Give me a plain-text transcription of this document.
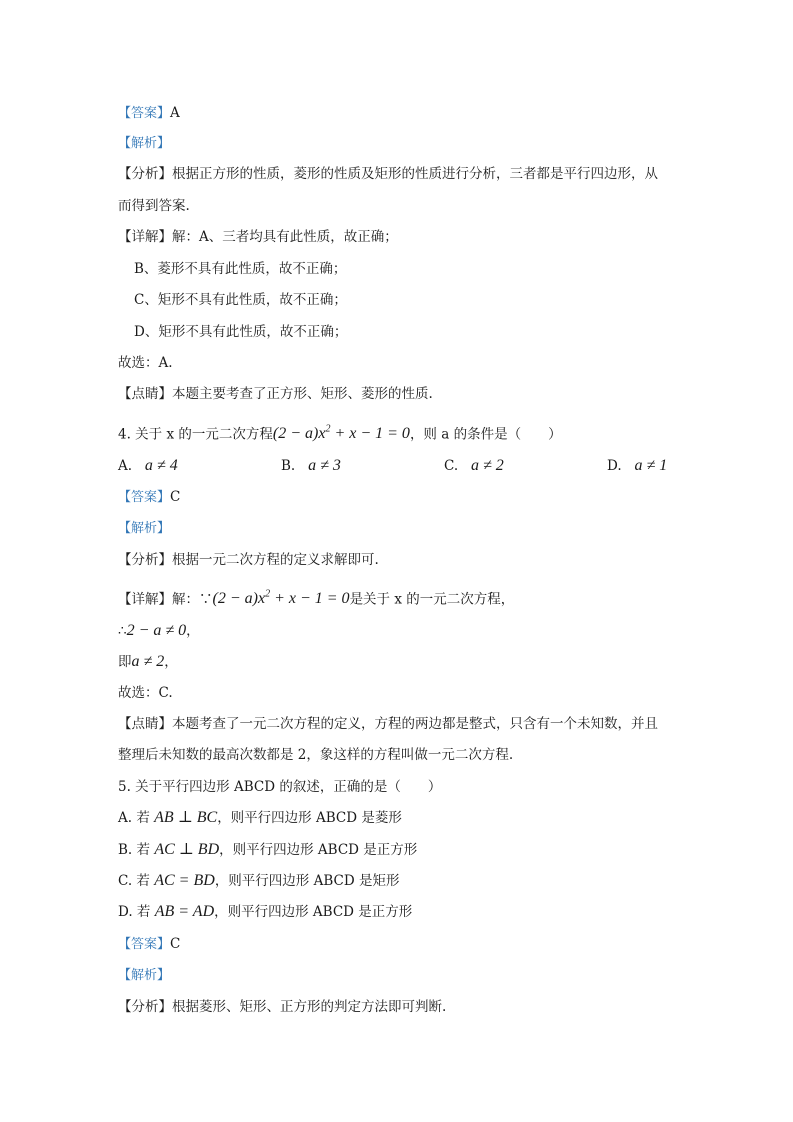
【答案】A
【解析】
【分析】根据正方形的性质，菱形的性质及矩形的性质进行分析，三者都是平行四边形，从
而得到答案.
【详解】解：A、三者均具有此性质，故正确；
B、菱形不具有此性质，故不正确；
C、矩形不具有此性质，故不正确；
D、矩形不具有此性质，故不正确；
故选：A.
【点睛】本题主要考查了正方形、矩形、菱形的性质.
4. 关于 x 的一元二次方程$(2 - a)x^2 + x - 1 = 0$，则 a 的条件是（　　）
A. a ≠ 4	B. a ≠ 3	C. a ≠ 2	D. a ≠ 1
【答案】C
【解析】
【分析】根据一元二次方程的定义求解即可.
【详解】解：∵(2 − $a)x^2 + x - 1 = 0$是关于 x 的一元二次方程，
∴2 − a ≠ 0，
即a ≠ 2，
故选：C.
【点睛】本题考查了一元二次方程的定义，方程的两边都是整式，只含有一个未知数，并且
整理后未知数的最高次数都是 2，象这样的方程叫做一元二次方程.
5. 关于平行四边形 ABCD 的叙述，正确的是（　　）
A. 若 AB ⊥ BC，则平行四边形 ABCD 是菱形
B. 若 AC ⊥ BD，则平行四边形 ABCD 是正方形
C. 若 AC = BD，则平行四边形 ABCD 是矩形
D. 若 AB = AD，则平行四边形 ABCD 是正方形
【答案】C
【解析】
【分析】根据菱形、矩形、正方形的判定方法即可判断.
